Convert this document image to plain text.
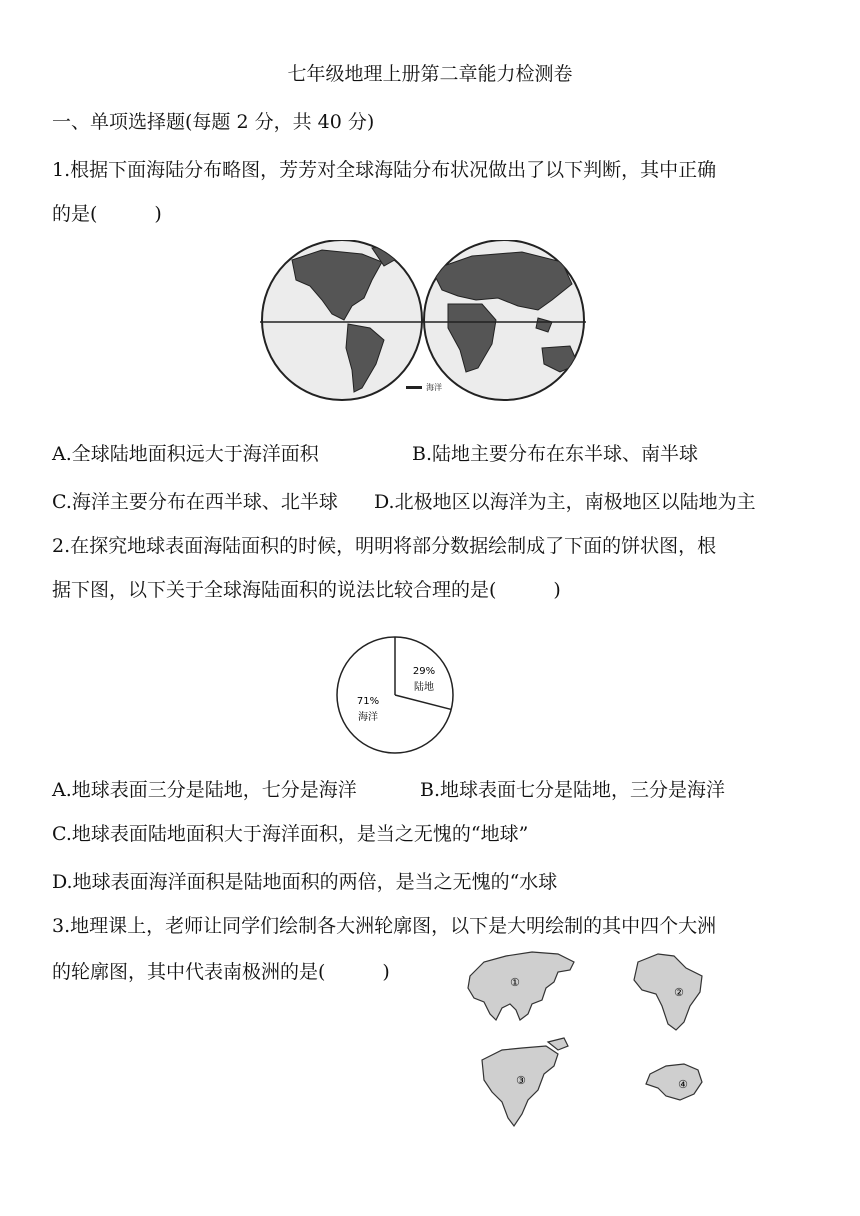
七年级地理上册第二章能力检测卷
一、单项选择题(每题 2 分，共 40 分)
1.根据下面海陆分布略图，芳芳对全球海陆分布状况做出了以下判断，其中正确
的是(　　　)
海洋
A.全球陆地面积远大于海洋面积	B.陆地主要分布在东半球、南半球
C.海洋主要分布在西半球、北半球 D.北极地区以海洋为主，南极地区以陆地为主
2.在探究地球表面海陆面积的时候，明明将部分数据绘制成了下面的饼状图，根
据下图，以下关于全球海陆面积的说法比较合理的是(　　　)
29%
陆地
71%
海洋
A.地球表面三分是陆地，七分是海洋	B.地球表面七分是陆地，三分是海洋
C.地球表面陆地面积大于海洋面积，是当之无愧的“地球”
D.地球表面海洋面积是陆地面积的两倍，是当之无愧的“水球
3.地理课上，老师让同学们绘制各大洲轮廓图，以下是大明绘制的其中四个大洲
的轮廓图，其中代表南极洲的是(　　　)	①
②
③	④
